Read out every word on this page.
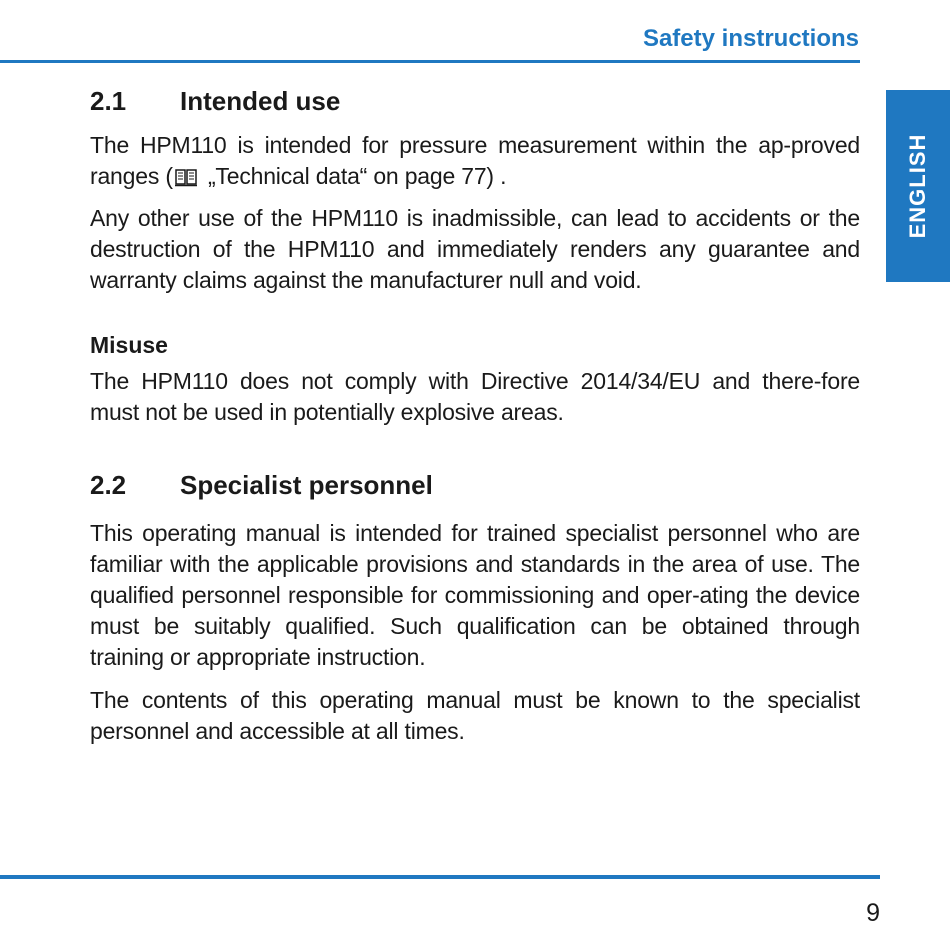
Safety instructions
ENGLISH
2.1 Intended use

The HPM110 is intended for pressure measurement within the ap-proved ranges ( „Technical data“ on page 77) .

Any other use of the HPM110 is inadmissible, can lead to accidents or the destruction of the HPM110 and immediately renders any guarantee and warranty claims against the manufacturer null and void.

Misuse

The HPM110 does not comply with Directive 2014/34/EU and there-fore must not be used in potentially explosive areas.

2.2 Specialist personnel

This operating manual is intended for trained specialist personnel who are familiar with the applicable provisions and standards in the area of use. The qualified personnel responsible for commissioning and oper-ating the device must be suitably qualified. Such qualification can be obtained through training or appropriate instruction.

The contents of this operating manual must be known to the specialist personnel and accessible at all times.

9
